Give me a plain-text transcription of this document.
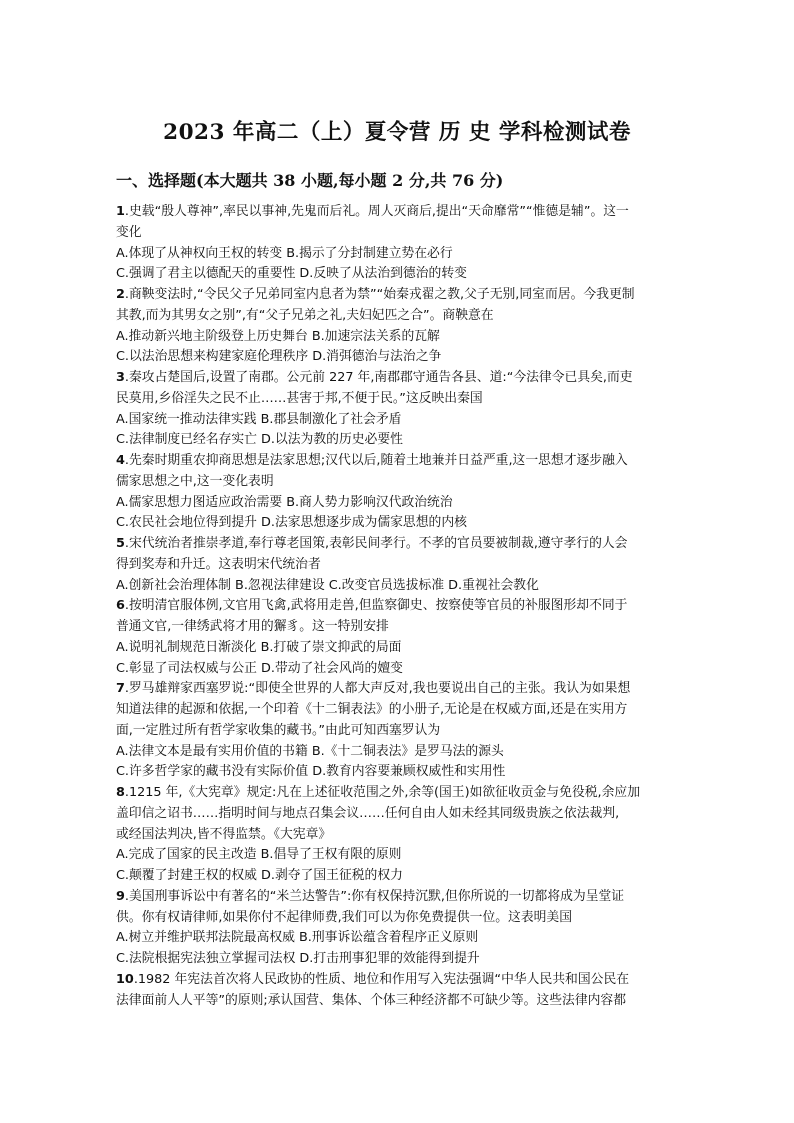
2023 年高二（上）夏令营 历 史 学科检测试卷
一、选择题(本大题共 38 小题,每小题 2 分,共 76 分)
1.史载“殷人尊神”,率民以事神,先鬼而后礼。周人灭商后,提出“天命靡常”“惟德是辅”。这一
变化
A.体现了从神权向王权的转变 B.揭示了分封制建立势在必行
C.强调了君主以德配天的重要性 D.反映了从法治到德治的转变
2.商鞅变法时,“令民父子兄弟同室内息者为禁”“始秦戎翟之教,父子无别,同室而居。今我更制
其教,而为其男女之别”,有“父子兄弟之礼,夫妇妃匹之合”。商鞅意在
A.推动新兴地主阶级登上历史舞台 B.加速宗法关系的瓦解
C.以法治思想来构建家庭伦理秩序 D.消弭德治与法治之争
3.秦攻占楚国后,设置了南郡。公元前 227 年,南郡郡守通告各县、道:“今法律令已具矣,而吏
民莫用,乡俗淫失之民不止……甚害于邦,不便于民。”这反映出秦国
A.国家统一推动法律实践 B.郡县制激化了社会矛盾
C.法律制度已经名存实亡 D.以法为教的历史必要性
4.先秦时期重农抑商思想是法家思想;汉代以后,随着土地兼并日益严重,这一思想才逐步融入
儒家思想之中,这一变化表明
A.儒家思想力图适应政治需要 B.商人势力影响汉代政治统治
C.农民社会地位得到提升 D.法家思想逐步成为儒家思想的内核
5.宋代统治者推崇孝道,奉行尊老国策,表彰民间孝行。不孝的官员要被制裁,遵守孝行的人会
得到奖寿和升迁。这表明宋代统治者
A.创新社会治理体制 B.忽视法律建设 C.改变官员选拔标准 D.重视社会教化
6.按明清官服体例,文官用飞禽,武将用走兽,但监察御史、按察使等官员的补服图形却不同于
普通文官,一律绣武将才用的獬豸。这一特别安排
A.说明礼制规范日渐淡化 B.打破了崇文抑武的局面
C.彰显了司法权威与公正 D.带动了社会风尚的嬗变
7.罗马雄辩家西塞罗说:“即使全世界的人都大声反对,我也要说出自己的主张。我认为如果想
知道法律的起源和依据,一个印着《十二铜表法》的小册子,无论是在权威方面,还是在实用方
面,一定胜过所有哲学家收集的藏书。”由此可知西塞罗认为
A.法律文本是最有实用价值的书籍 B.《十二铜表法》是罗马法的源头
C.许多哲学家的藏书没有实际价值 D.教育内容要兼顾权威性和实用性
8.1215 年,《大宪章》规定:凡在上述征收范围之外,余等(国王)如欲征收贡金与免役税,余应加
盖印信之诏书……指明时间与地点召集会议……任何自由人如未经其同级贵族之依法裁判,
或经国法判决,皆不得监禁。《大宪章》
A.完成了国家的民主改造 B.倡导了王权有限的原则
C.颠覆了封建王权的权威 D.剥夺了国王征税的权力
9.美国刑事诉讼中有著名的“米兰达警告”:你有权保持沉默,但你所说的一切都将成为呈堂证
供。你有权请律师,如果你付不起律师费,我们可以为你免费提供一位。这表明美国
A.树立并维护联邦法院最高权威 B.刑事诉讼蕴含着程序正义原则
C.法院根据宪法独立掌握司法权 D.打击刑事犯罪的效能得到提升
10.1982 年宪法首次将人民政协的性质、地位和作用写入宪法强调“中华人民共和国公民在
法律面前人人平等”的原则;承认国营、集体、个体三种经济都不可缺少等。这些法律内容都
